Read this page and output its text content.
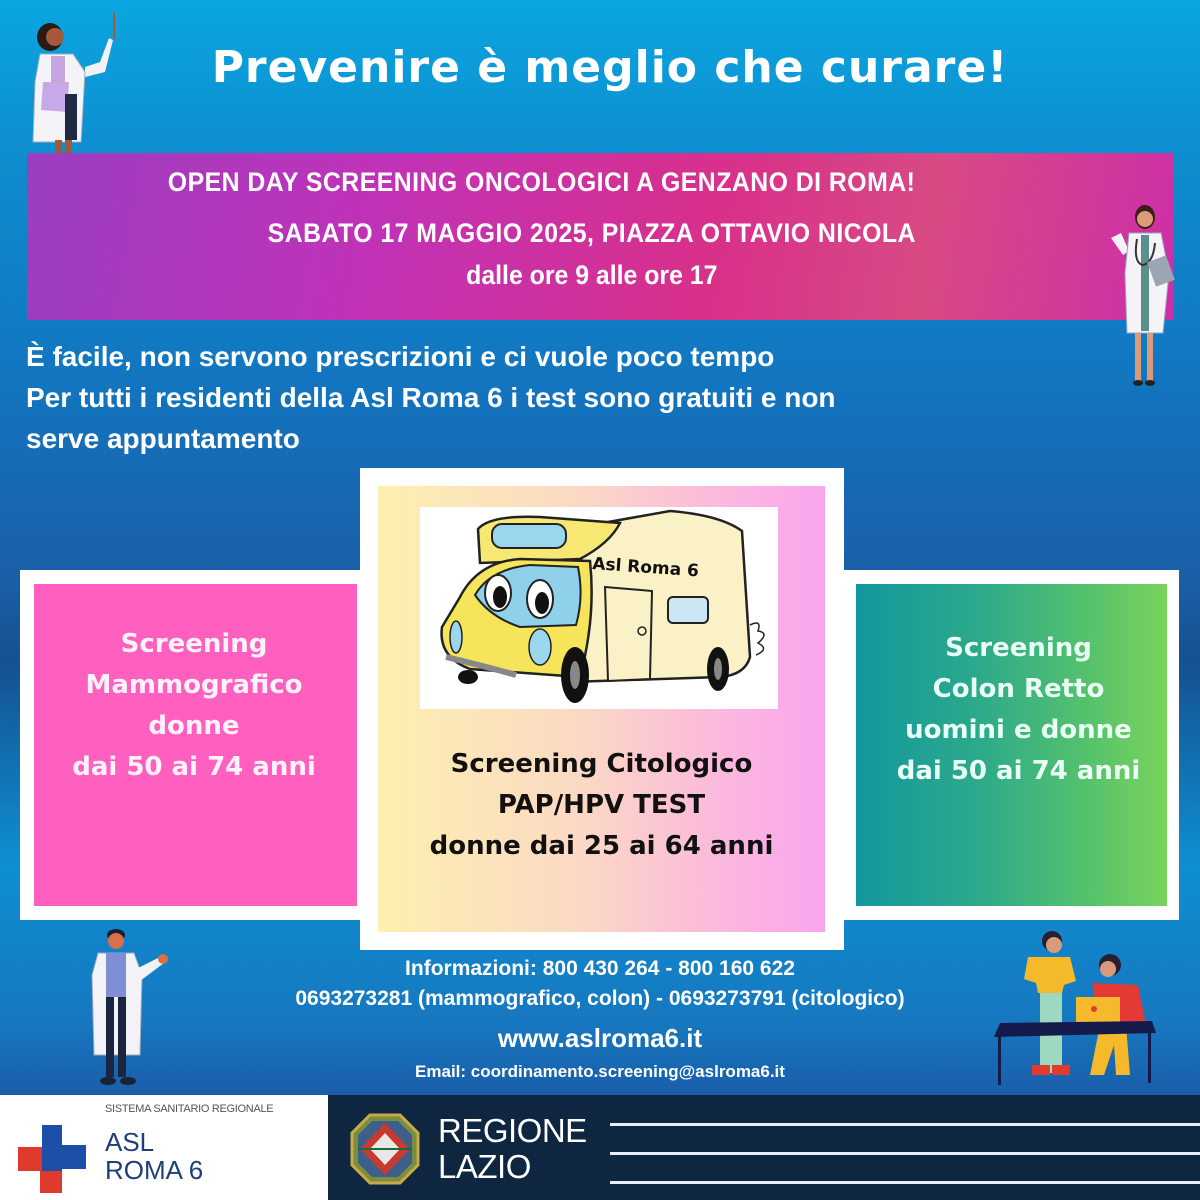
Prevenire è meglio che curare!
OPEN DAY SCREENING ONCOLOGICI A GENZANO DI ROMA!
SABATO 17 MAGGIO 2025, PIAZZA OTTAVIO NICOLA
dalle ore 9 alle ore 17
È facile, non servono prescrizioni e ci vuole poco tempo
Per tutti i residenti della Asl Roma 6 i test sono gratuiti e non
serve appuntamento
Screening
Mammografico
donne
dai 50 ai 74 anni
Screening
Colon Retto
uomini e donne
dai 50 ai 74 anni
Asl Roma 6
Screening Citologico
PAP/HPV TEST
donne dai 25 ai 64 anni
Informazioni: 800 430 264 - 800 160 622
0693273281 (mammografico, colon) - 0693273791 (citologico)
www.aslroma6.it
Email: coordinamento.screening@aslroma6.it
SISTEMA SANITARIO REGIONALE
ASL
ROMA 6
REGIONE
LAZIO
